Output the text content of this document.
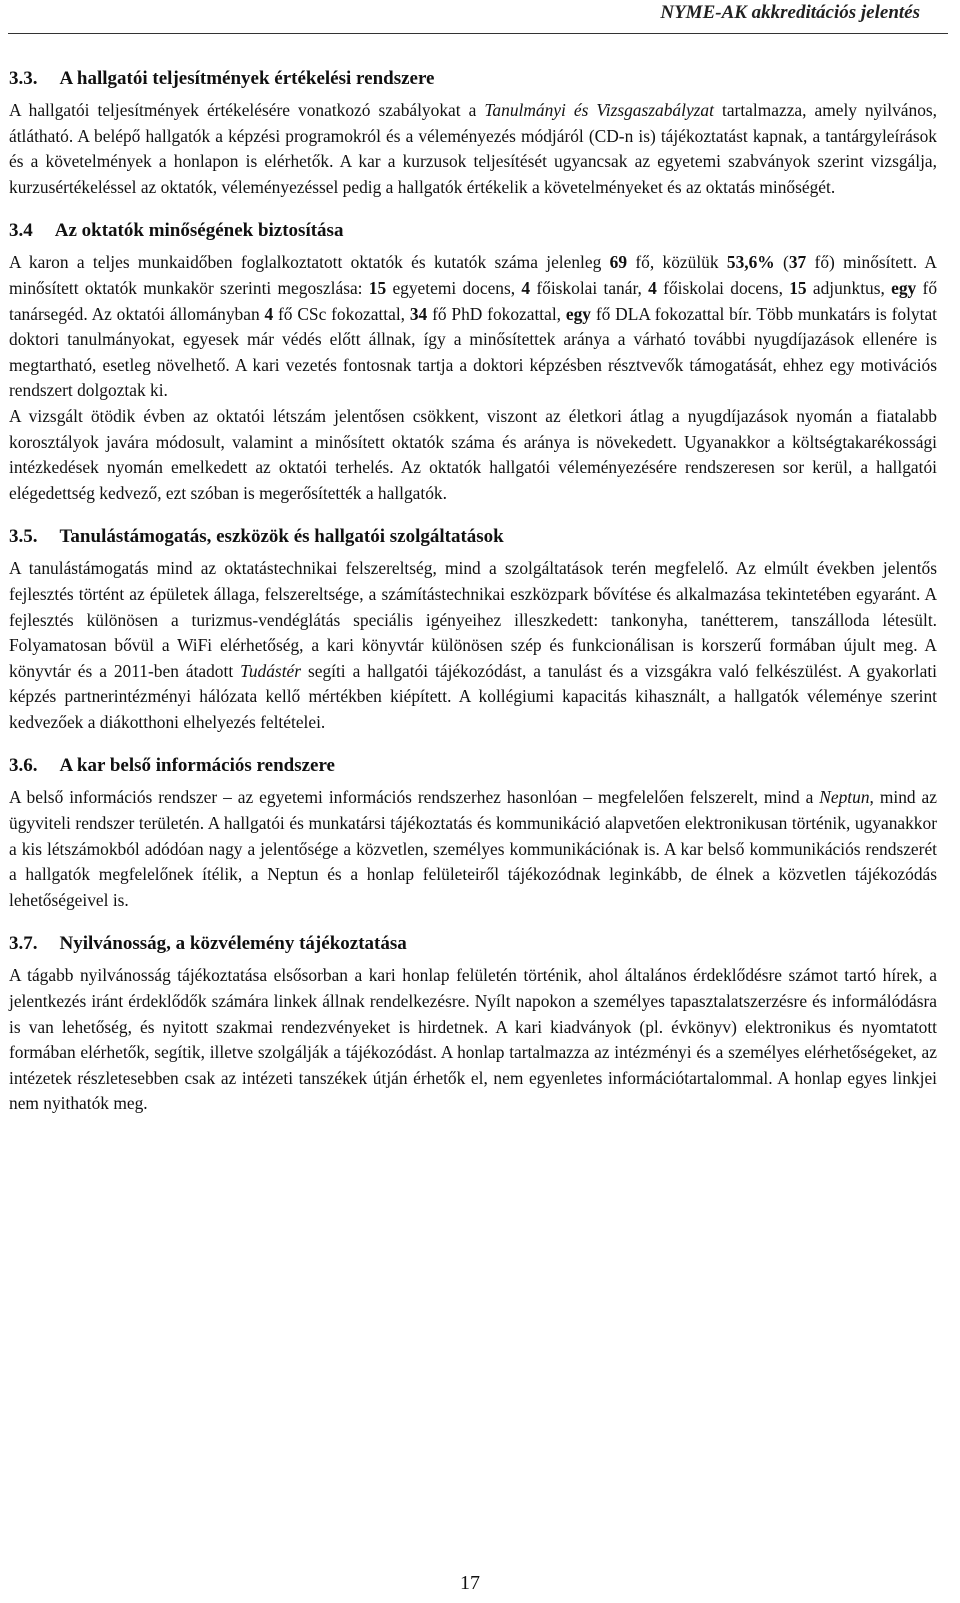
NYME-AK akkreditációs jelentés
3.3. A hallgatói teljesítmények értékelési rendszere

A hallgatói teljesítmények értékelésére vonatkozó szabályokat a Tanulmányi és Vizsgaszabályzat tartalmazza, amely nyilvános, átlátható. A belépő hallgatók a képzési programokról és a véleményezés módjáról (CD-n is) tájékoztatást kapnak, a tantárgyleírások és a követelmények a honlapon is elérhetők. A kar a kurzusok teljesítését ugyancsak az egyetemi szabványok szerint vizsgálja, kurzusértékeléssel az oktatók, véleményezéssel pedig a hallgatók értékelik a követelményeket és az oktatás minőségét.

3.4 Az oktatók minőségének biztosítása

A karon a teljes munkaidőben foglalkoztatott oktatók és kutatók száma jelenleg 69 fő, közülük 53,6% (37 fő) minősített. A minősített oktatók munkakör szerinti megoszlása: 15 egyetemi docens, 4 főiskolai tanár, 4 főiskolai docens, 15 adjunktus, egy fő tanársegéd. Az oktatói állományban 4 fő CSc fokozattal, 34 fő PhD fokozattal, egy fő DLA fokozattal bír. Több munkatárs is folytat doktori tanulmányokat, egyesek már védés előtt állnak, így a minősítettek aránya a várható további nyugdíjazások ellenére is megtartható, esetleg növelhető. A kari vezetés fontosnak tartja a doktori képzésben résztvevők támogatását, ehhez egy motivációs rendszert dolgoztak ki.

A vizsgált ötödik évben az oktatói létszám jelentősen csökkent, viszont az életkori átlag a nyugdíjazások nyomán a fiatalabb korosztályok javára módosult, valamint a minősített oktatók száma és aránya is növekedett. Ugyanakkor a költségtakarékossági intézkedések nyomán emelkedett az oktatói terhelés. Az oktatók hallgatói véleményezésére rendszeresen sor kerül, a hallgatói elégedettség kedvező, ezt szóban is megerősítették a hallgatók.

3.5. Tanulástámogatás, eszközök és hallgatói szolgáltatások

A tanulástámogatás mind az oktatástechnikai felszereltség, mind a szolgáltatások terén megfelelő. Az elmúlt években jelentős fejlesztés történt az épületek állaga, felszereltsége, a számítástechnikai eszközpark bővítése és alkalmazása tekintetében egyaránt. A fejlesztés különösen a turizmus-vendéglátás speciális igényeihez illeszkedett: tankonyha, tanétterem, tanszálloda létesült. Folyamatosan bővül a WiFi elérhetőség, a kari könyvtár különösen szép és funkcionálisan is korszerű formában újult meg. A könyvtár és a 2011-ben átadott Tudástér segíti a hallgatói tájékozódást, a tanulást és a vizsgákra való felkészülést. A gyakorlati képzés partnerintézményi hálózata kellő mértékben kiépített. A kollégiumi kapacitás kihasznált, a hallgatók véleménye szerint kedvezőek a diákotthoni elhelyezés feltételei.

3.6. A kar belső információs rendszere

A belső információs rendszer – az egyetemi információs rendszerhez hasonlóan – megfelelően felszerelt, mind a Neptun, mind az ügyviteli rendszer területén. A hallgatói és munkatársi tájékoztatás és kommunikáció alapvetően elektronikusan történik, ugyanakkor a kis létszámokból adódóan nagy a jelentősége a közvetlen, személyes kommunikációnak is. A kar belső kommunikációs rendszerét a hallgatók megfelelőnek ítélik, a Neptun és a honlap felületeiről tájékozódnak leginkább, de élnek a közvetlen tájékozódás lehetőségeivel is.

3.7. Nyilvánosság, a közvélemény tájékoztatása

A tágabb nyilvánosság tájékoztatása elsősorban a kari honlap felületén történik, ahol általános érdeklődésre számot tartó hírek, a jelentkezés iránt érdeklődők számára linkek állnak rendelkezésre. Nyílt napokon a személyes tapasztalatszerzésre és informálódásra is van lehetőség, és nyitott szakmai rendezvényeket is hirdetnek. A kari kiadványok (pl. évkönyv) elektronikus és nyomtatott formában elérhetők, segítik, illetve szolgálják a tájékozódást. A honlap tartalmazza az intézményi és a személyes elérhetőségeket, az intézetek részletesebben csak az intézeti tanszékek útján érhetők el, nem egyenletes információtartalommal. A honlap egyes linkjei nem nyithatók meg.

17
